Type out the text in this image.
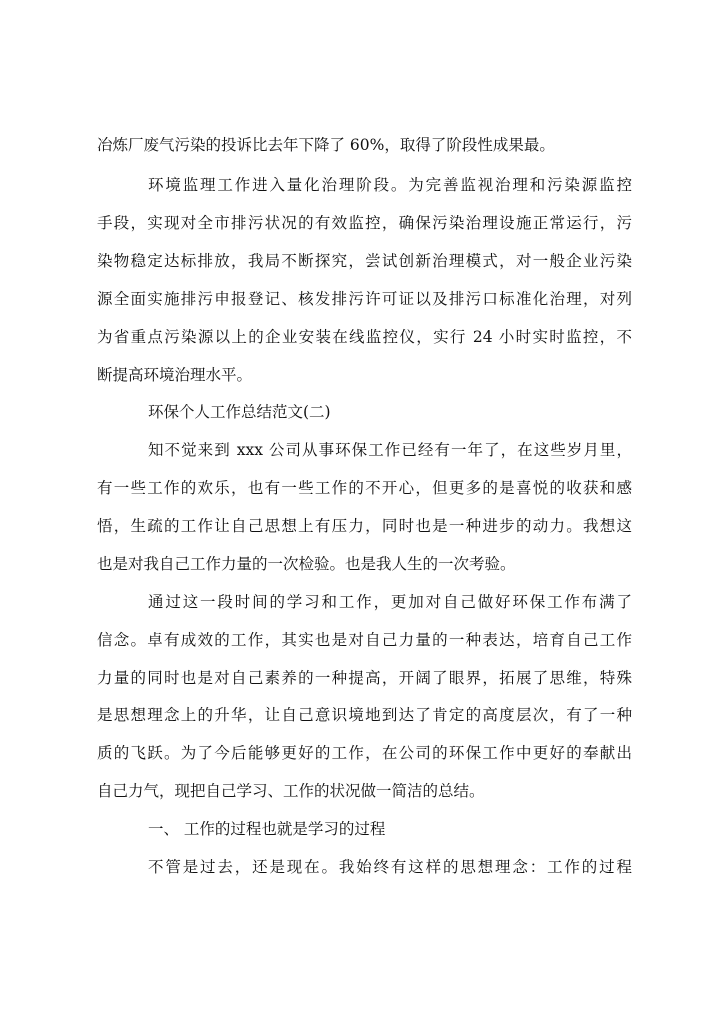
冶炼厂废气污染的投诉比去年下降了 60%，取得了阶段性成果最。
环境监理工作进入量化治理阶段。为完善监视治理和污染源监控
手段，实现对全市排污状况的有效监控，确保污染治理设施正常运行，污
染物稳定达标排放，我局不断探究，尝试创新治理模式，对一般企业污染
源全面实施排污申报登记、核发排污许可证以及排污口标准化治理，对列
为省重点污染源以上的企业安装在线监控仪，实行 24 小时实时监控，不
断提高环境治理水平。
环保个人工作总结范文(二)
知不觉来到 xxx 公司从事环保工作已经有一年了，在这些岁月里，
有一些工作的欢乐，也有一些工作的不开心，但更多的是喜悦的收获和感
悟，生疏的工作让自己思想上有压力，同时也是一种进步的动力。我想这
也是对我自己工作力量的一次检验。也是我人生的一次考验。
通过这一段时间的学习和工作，更加对自己做好环保工作布满了
信念。卓有成效的工作，其实也是对自己力量的一种表达，培育自己工作
力量的同时也是对自己素养的一种提高，开阔了眼界，拓展了思维，特殊
是思想理念上的升华，让自己意识境地到达了肯定的高度层次，有了一种
质的飞跃。为了今后能够更好的工作，在公司的环保工作中更好的奉献出
自己力气，现把自己学习、工作的状况做一简洁的总结。
一、 工作的过程也就是学习的过程
不管是过去，还是现在。我始终有这样的思想理念：工作的过程
